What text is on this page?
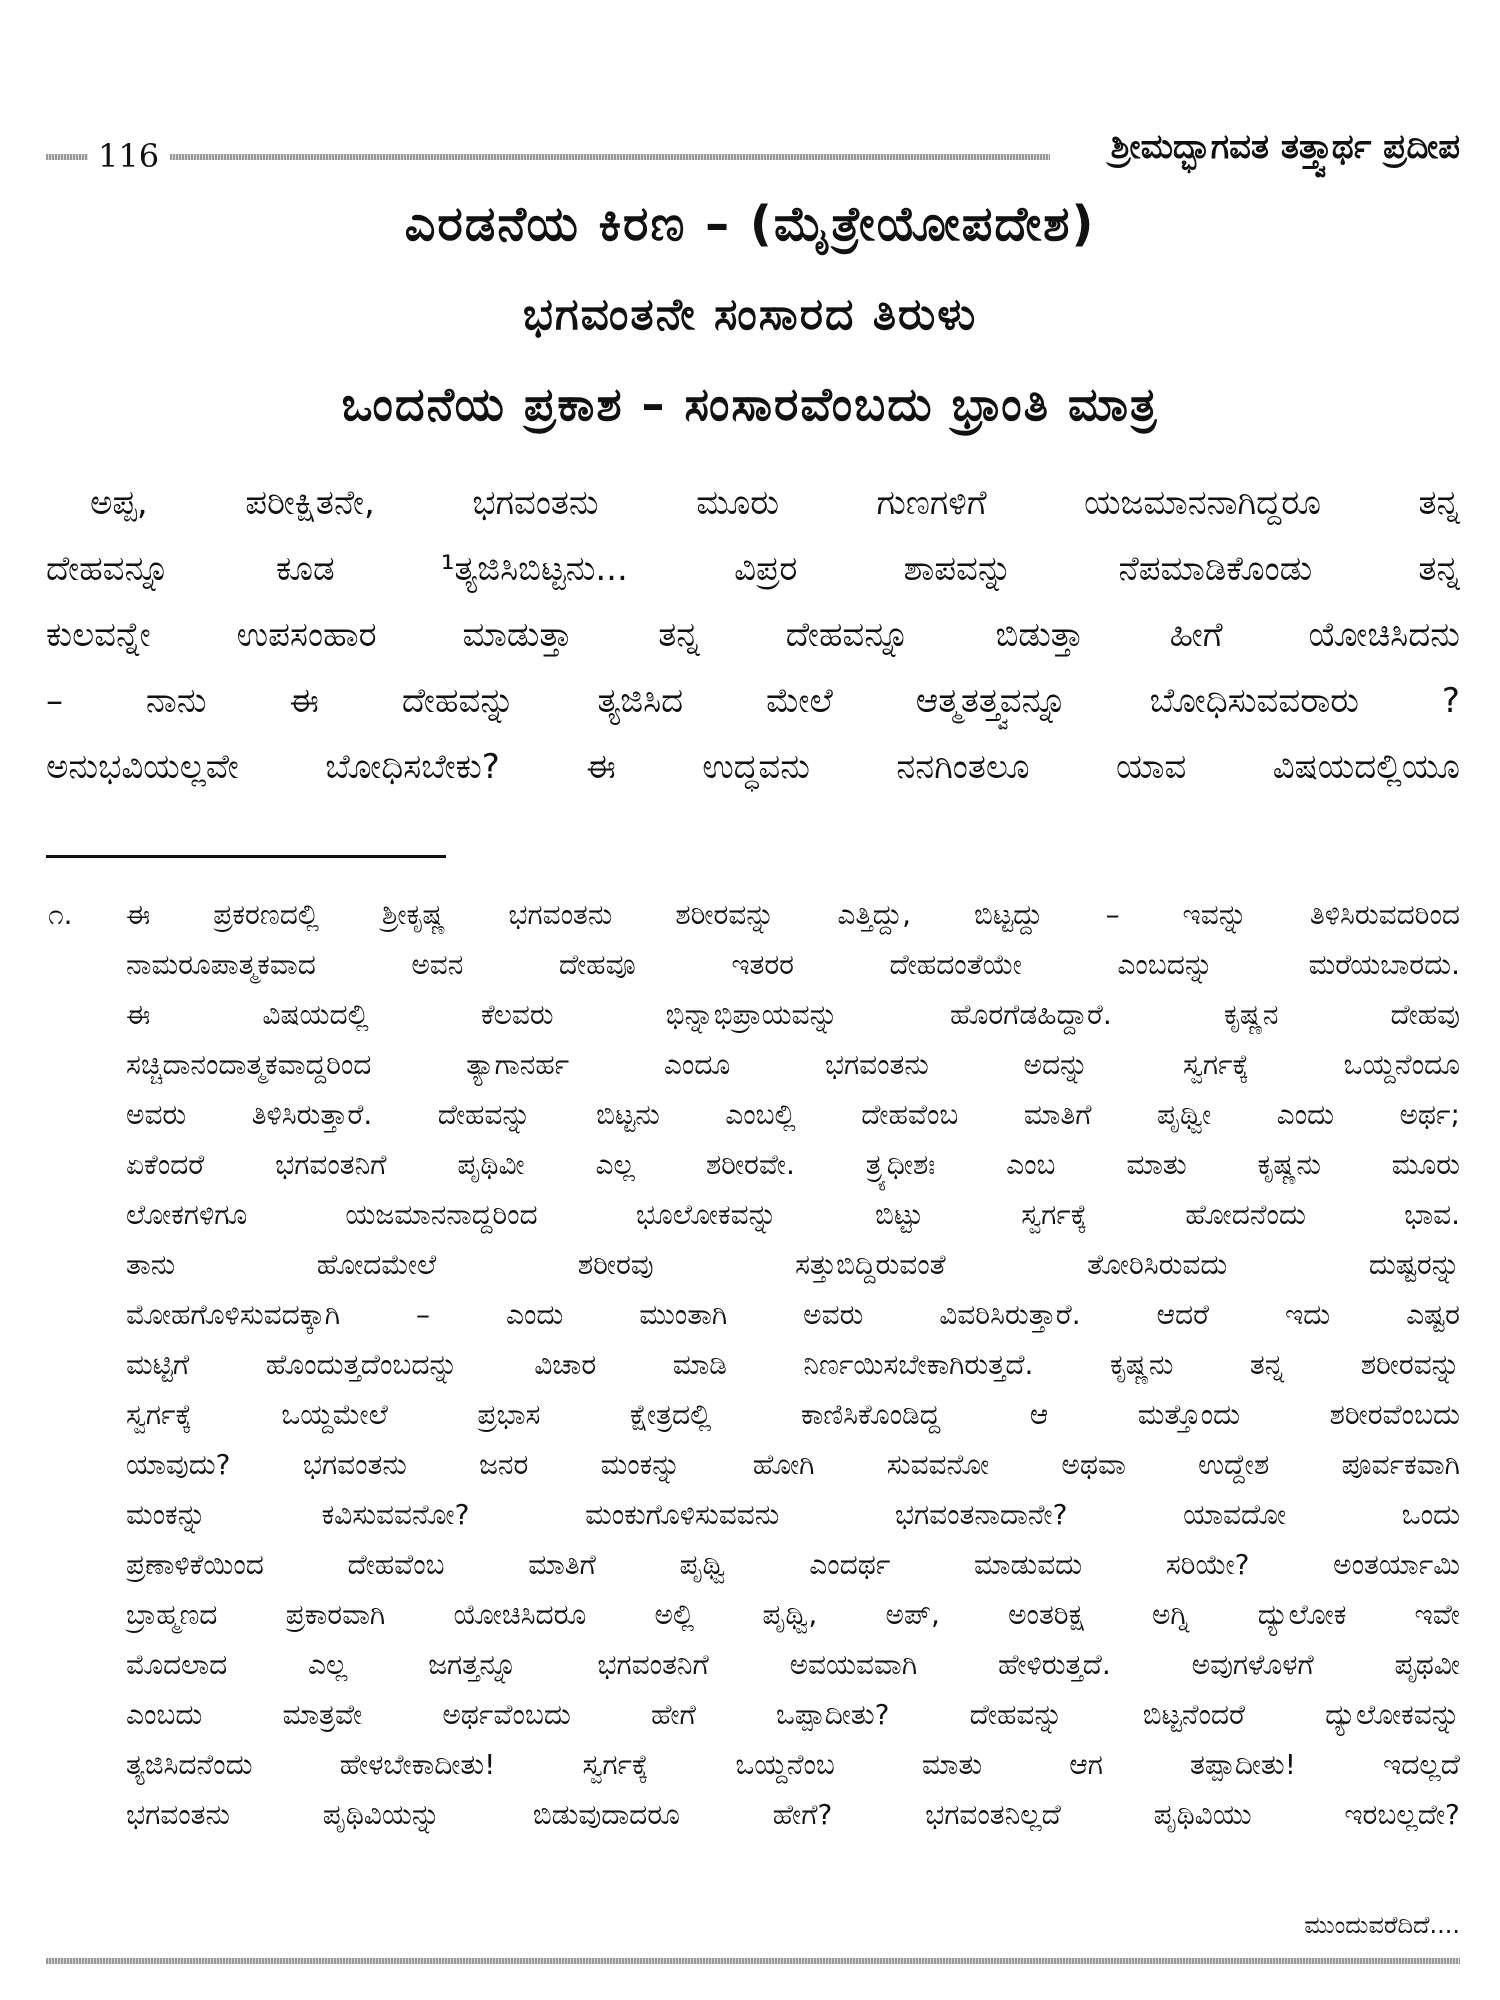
116	ಶ್ರೀಮದ್ಭಾಗವತ ತತ್ತ್ವಾರ್ಥ ಪ್ರದೀಪ
ಎರಡನೆಯ ಕಿರಣ – (ಮೈತ್ರೇಯೋಪದೇಶ)
ಭಗವಂತನೇ ಸಂಸಾರದ ತಿರುಳು
ಒಂದನೆಯ ಪ್ರಕಾಶ – ಸಂಸಾರವೆಂಬದು ಭ್ರಾಂತಿ ಮಾತ್ರ
ಅಪ್ಪ,	ಪರೀಕ್ಷಿತನೇ,	ಭಗವಂತನು	ಮೂರು	ಗುಣಗಳಿಗೆ	ಯಜಮಾನನಾಗಿದ್ದರೂ	ತನ್ನ
ದೇಹವನ್ನೂ	ಕೂಡ	¹ತ್ಯಜಿಸಿಬಿಟ್ಟನು...	ವಿಪ್ರರ	ಶಾಪವನ್ನು	ನೆಪಮಾಡಿಕೊಂಡು	ತನ್ನ
ಕುಲವನ್ನೇ	ಉಪಸಂಹಾರ	ಮಾಡುತ್ತಾ	ತನ್ನ	ದೇಹವನ್ನೂ	ಬಿಡುತ್ತಾ	ಹೀಗೆ	ಯೋಚಿಸಿದನು
– ನಾನು ಈ ದೇಹವನ್ನು ತ್ಯಜಿಸಿದ ಮೇಲೆ ಆತ್ಮತತ್ತ್ವವನ್ನೂ ಬೋಧಿಸುವವರಾರು ?
ಅನುಭವಿಯಲ್ಲವೇ	ಬೋಧಿಸಬೇಕು?	ಈ	ಉದ್ಧವನು	ನನಗಿಂತಲೂ	ಯಾವ	ವಿಷಯದಲ್ಲಿಯೂ
೧. ಈ ಪ್ರಕರಣದಲ್ಲಿ ಶ್ರೀಕೃಷ್ಣ ಭಗವಂತನು ಶರೀರವನ್ನು ಎತ್ತಿದ್ದು, ಬಿಟ್ಟದ್ದು – ಇವನ್ನು ತಿಳಿಸಿರುವದರಿಂದ
ನಾಮರೂಪಾತ್ಮಕವಾದ	ಅವನ	ದೇಹವೂ	ಇತರರ	ದೇಹದಂತೆಯೇ	ಎಂಬದನ್ನು	ಮರೆಯಬಾರದು.
ಈ	ವಿಷಯದಲ್ಲಿ	ಕೆಲವರು	ಭಿನ್ನಾಭಿಪ್ರಾಯವನ್ನು	ಹೊರಗೆಡಹಿದ್ದಾರೆ.	ಕೃಷ್ಣನ	ದೇಹವು
ಸಚ್ಚಿದಾನಂದಾತ್ಮಕವಾದ್ದರಿಂದ	ತ್ಯಾಗಾನರ್ಹ	ಎಂದೂ	ಭಗವಂತನು	ಅದನ್ನು	ಸ್ವರ್ಗಕ್ಕೆ	ಒಯ್ದನೆಂದೂ
ಅವರು ತಿಳಿಸಿರುತ್ತಾರೆ. ದೇಹವನ್ನು ಬಿಟ್ಟನು ಎಂಬಲ್ಲಿ ದೇಹವೆಂಬ ಮಾತಿಗೆ ಪೃಥ್ವೀ ಎಂದು ಅರ್ಥ;
ಏಕೆಂದರೆ	ಭಗವಂತನಿಗೆ	ಪೃಥಿವೀ	ಎಲ್ಲ	ಶರೀರವೇ.	ತ್ರ್ಯಧೀಶಃ	ಎಂಬ	ಮಾತು	ಕೃಷ್ಣನು	ಮೂರು
ಲೋಕಗಳಿಗೂ	ಯಜಮಾನನಾದ್ದರಿಂದ	ಭೂಲೋಕವನ್ನು	ಬಿಟ್ಟು	ಸ್ವರ್ಗಕ್ಕೆ	ಹೋದನೆಂದು	ಭಾವ.
ತಾನು	ಹೋದಮೇಲೆ	ಶರೀರವು	ಸತ್ತುಬಿದ್ದಿರುವಂತೆ	ತೋರಿಸಿರುವದು	ದುಷ್ಟರನ್ನು
ಮೋಹಗೊಳಿಸುವದಕ್ಕಾಗಿ	–	ಎಂದು	ಮುಂತಾಗಿ	ಅವರು	ವಿವರಿಸಿರುತ್ತಾರೆ.	ಆದರೆ	ಇದು	ಎಷ್ಟರ
ಮಟ್ಟಿಗೆ	ಹೊಂದುತ್ತದೆಂಬದನ್ನು	ವಿಚಾರ	ಮಾಡಿ	ನಿರ್ಣಯಿಸಬೇಕಾಗಿರುತ್ತದೆ.	ಕೃಷ್ಣನು	ತನ್ನ	ಶರೀರವನ್ನು
ಸ್ವರ್ಗಕ್ಕೆ	ಒಯ್ದಮೇಲೆ	ಪ್ರಭಾಸ	ಕ್ಷೇತ್ರದಲ್ಲಿ	ಕಾಣಿಸಿಕೊಂಡಿದ್ದ	ಆ	ಮತ್ತೊಂದು	ಶರೀರವೆಂಬದು
ಯಾವುದು?	ಭಗವಂತನು	ಜನರ	ಮಂಕನ್ನು	ಹೋಗಿ	ಸುವವನೋ	ಅಥವಾ	ಉದ್ದೇಶ	ಪೂರ್ವಕವಾಗಿ
ಮಂಕನ್ನು	ಕವಿಸುವವನೋ?	ಮಂಕುಗೊಳಿಸುವವನು	ಭಗವಂತನಾದಾನೇ?	ಯಾವದೋ	ಒಂದು
ಪ್ರಣಾಳಿಕೆಯಿಂದ	ದೇಹವೆಂಬ	ಮಾತಿಗೆ	ಪೃಥ್ವಿ	ಎಂದರ್ಥ	ಮಾಡುವದು	ಸರಿಯೇ?	ಅಂತರ್ಯಾಮಿ
ಬ್ರಾಹ್ಮಣದ ಪ್ರಕಾರವಾಗಿ ಯೋಚಿಸಿದರೂ ಅಲ್ಲಿ ಪೃಥ್ವಿ, ಅಪ್, ಅಂತರಿಕ್ಷ ಅಗ್ನಿ ದ್ಯುಲೋಕ ಇವೇ
ಮೊದಲಾದ	ಎಲ್ಲ	ಜಗತ್ತನ್ನೂ	ಭಗವಂತನಿಗೆ	ಅವಯವವಾಗಿ	ಹೇಳಿರುತ್ತದೆ.	ಅವುಗಳೊಳಗೆ	ಪೃಥವೀ
ಎಂಬದು	ಮಾತ್ರವೇ	ಅರ್ಥವೆಂಬದು	ಹೇಗೆ	ಒಪ್ಪಾದೀತು?	ದೇಹವನ್ನು	ಬಿಟ್ಟನೆಂದರೆ	ದ್ಯುಲೋಕವನ್ನು
ತ್ಯಜಿಸಿದನೆಂದು	ಹೇಳಬೇಕಾದೀತು!	ಸ್ವರ್ಗಕ್ಕೆ	ಒಯ್ದನೆಂಬ	ಮಾತು	ಆಗ	ತಪ್ಪಾದೀತು!	ಇದಲ್ಲದೆ
ಭಗವಂತನು	ಪೃಥಿವಿಯನ್ನು	ಬಿಡುವುದಾದರೂ	ಹೇಗೆ?	ಭಗವಂತನಿಲ್ಲದೆ	ಪೃಥಿವಿಯು	ಇರಬಲ್ಲದೇ?
ಮುಂದುವರೆದಿದೆ....
